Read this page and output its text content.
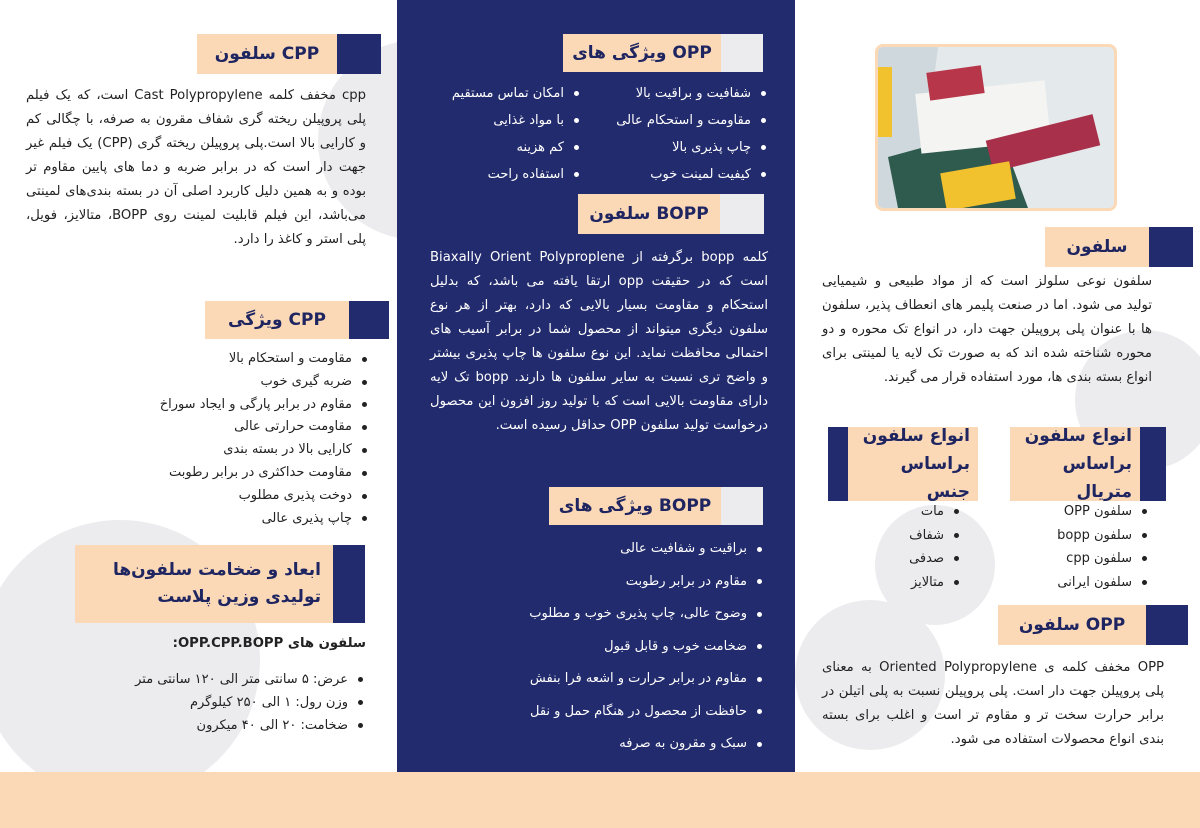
سلفون

سلفون نوعی سلولز است که از مواد طبیعی و شیمیایی تولید می شود. اما در صنعت پلیمر های انعطاف پذیر، سلفون ها با عنوان پلی پروپیلن جهت دار، در انواع تک محوره و دو محوره شناخته شده اند که به صورت تک لایه یا لمینتی برای انواع بسته بندی ها، مورد استفاده قرار می گیرند.

انواع سلفون براساس متریال
انواع سلفون براساس جنس
سلفون OPP
سلفون bopp
سلفون cpp
سلفون ایرانی
مات
شفاف
صدفی
متالایز
سلفون OPP

OPP مخفف کلمه ی Oriented Polypropylene به معنای پلی پروپیلن جهت دار است. پلی پروپیلن نسبت به پلی اتیلن در برابر حرارت سخت تر و مقاوم تر است و اغلب برای بسته بندی انواع محصولات استفاده می شود.

ویژگی های OPP
شفافیت و براقیت بالا
مقاومت و استحکام عالی
چاپ پذیری بالا
کیفیت لمینت خوب
امکان تماس مستقیم
با مواد غذایی
کم هزینه
استفاده راحت
سلفون BOPP

کلمه bopp برگرفته از Biaxally Orient Polyproplene است که در حقیقت opp ارتقا یافته می باشد، که بدلیل استحکام و مقاومت بسیار بالایی که دارد، بهتر از هر نوع سلفون دیگری میتواند از محصول شما در برابر آسیب های احتمالی محافظت نماید. این نوع سلفون ها چاپ پذیری بیشتر و واضح تری نسبت به سایر سلفون ها دارند. bopp تک لایه دارای مقاومت بالایی است که با تولید روز افزون این محصول درخواست تولید سلفون OPP حداقل رسیده است.

ویژگی های BOPP
براقیت و شفافیت عالی
مقاوم در برابر رطوبت
وضوح عالی، چاپ پذیری خوب و مطلوب
ضخامت خوب و قابل قبول
مقاوم در برابر حرارت و اشعه فرا بنفش
حافظت از محصول در هنگام حمل و نقل
سبک و مقرون به صرفه
سلفون CPP

cpp مخفف کلمه Cast Polypropylene است، که یک فیلم پلی پروپیلن ریخته گری شفاف مقرون به صرفه، با چگالی کم و کارایی بالا است.پلی پروپیلن ریخته گری (CPP) یک فیلم غیر جهت دار است که در برابر ضربه و دما های پایین مقاوم تر بوده و به همین دلیل کاربرد اصلی آن در بسته بندی‌های لمینتی می‌باشد، این فیلم قابلیت لمینت روی BOPP، متالایز، فویل، پلی استر و کاغذ را دارد.

ویژگی CPP
مقاومت و استحکام بالا
ضربه گیری خوب
مقاوم در برابر پارگی و ایجاد سوراخ
مقاومت حرارتی عالی
کارایی بالا در بسته بندی
مقاومت حداکثری در برابر رطوبت
دوخت پذیری مطلوب
چاپ پذیری عالی
ابعاد و ضخامت سلفون‌ها تولیدی وزین پلاست

سلفون های OPP.CPP.BOPP:

عرض: ۵ سانتی متر الی ۱۲۰ سانتی متر
وزن رول: ۱ الی ۲۵۰ کیلوگرم
ضخامت: ۲۰ الی ۴۰ میکرون
